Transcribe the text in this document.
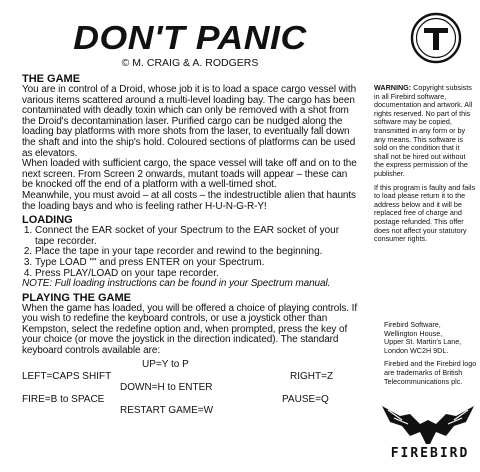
DON'T PANIC
© M. CRAIG & A. RODGERS
THE GAME

You are in control of a Droid, whose job it is to load a space cargo vessel with various items scattered around a multi-level loading bay. The cargo has been contaminated with deadly toxin which can only be removed with a shot from the Droid's decontamination laser. Purified cargo can be nudged along the loading bay platforms with more shots from the laser, to eventually fall down the shaft and into the ship's hold. Coloured sections of platforms can be used as elevators.

When loaded with sufficient cargo, the space vessel will take off and on to the next screen. From Screen 2 onwards, mutant toads will appear – these can be knocked off the end of a platform with a well-timed shot.

Meanwhile, you must avoid – at all costs – the indestructible alien that haunts the loading bays and who is feeling rather H-U-N-G-R-Y!

LOADING
1. Connect the EAR socket of your Spectrum to the EAR socket of your tape recorder.
2. Place the tape in your tape recorder and rewind to the beginning.
3. Type LOAD "" and press ENTER on your Spectrum.
4. Press PLAY/LOAD on your tape recorder.

NOTE: Full loading instructions can be found in your Spectrum manual.

PLAYING THE GAME

When the game has loaded, you will be offered a choice of playing controls. If you wish to redefine the keyboard controls, or use a joystick other than Kempston, select the redefine option and, when prompted, press the key of your choice (or move the joystick in the direction indicated). The standard keyboard controls available are:

UP=Y to P
LEFT=CAPS SHIFT	RIGHT=Z
DOWN=H to ENTER
FIRE=B to SPACE	PAUSE=Q
RESTART GAME=W

WARNING: Copyright subsists in all Firebird software, documentation and artwork. All rights reserved. No part of this software may be copied, transmitted in any form or by any means. This software is sold on the condition that it shall not be hired out without the express permission of the publisher.

If this program is faulty and fails to load please return it to the address below and it will be replaced free of charge and postage refunded. This offer does not affect your statutory consumer rights.

Firebird Software,
Wellington House,
Upper St. Martin's Lane,
London WC2H 9DL.

Firebird and the Firebird logo are trademarks of British Telecommunications plc.

FIREBIRD
